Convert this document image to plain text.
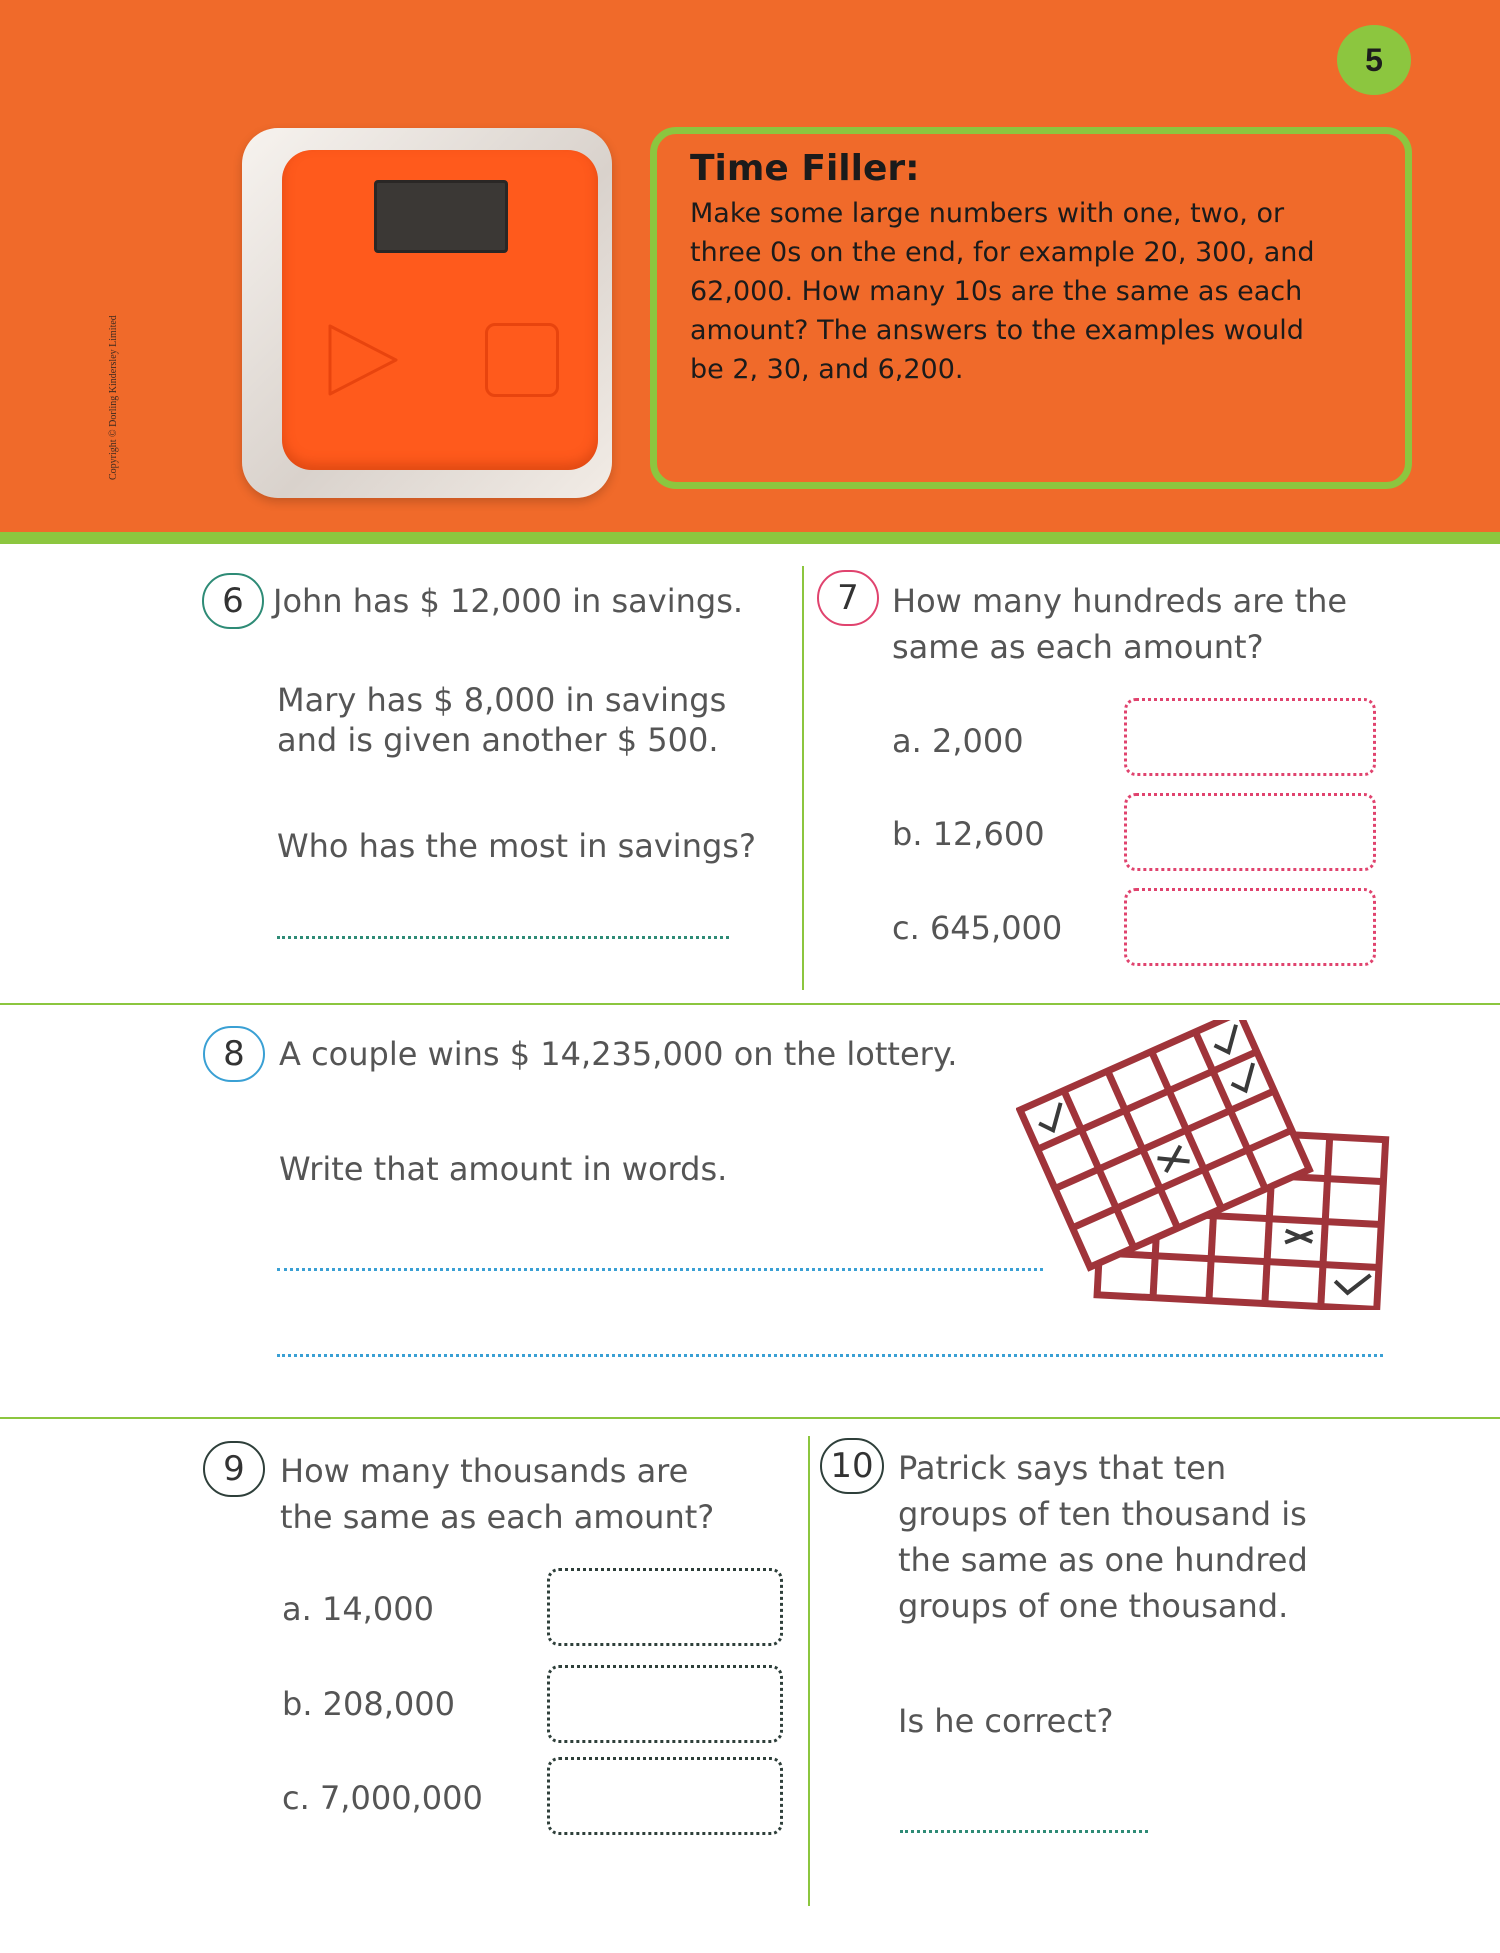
5
Copyright © Dorling Kindersley Limited
Time Filler:
Make some large numbers with one, two, or three 0s on the end, for example 20, 300, and 62,000. How many 10s are the same as each amount? The answers to the examples would be 2, 30, and 6,200.
6 John has $ 12,000 in savings.
Mary has $ 8,000 in savings
and is given another $ 500.
Who has the most in savings?
7	How many hundreds are the
same as each amount?
a. 2,000
b. 12,600
c. 645,000
8	A couple wins $ 14,235,000 on the lottery.
Write that amount in words.
9	How many thousands are
the same as each amount?
a. 14,000
b. 208,000
c. 7,000,000
10 Patrick says that ten
groups of ten thousand is
the same as one hundred
groups of one thousand.
Is he correct?
